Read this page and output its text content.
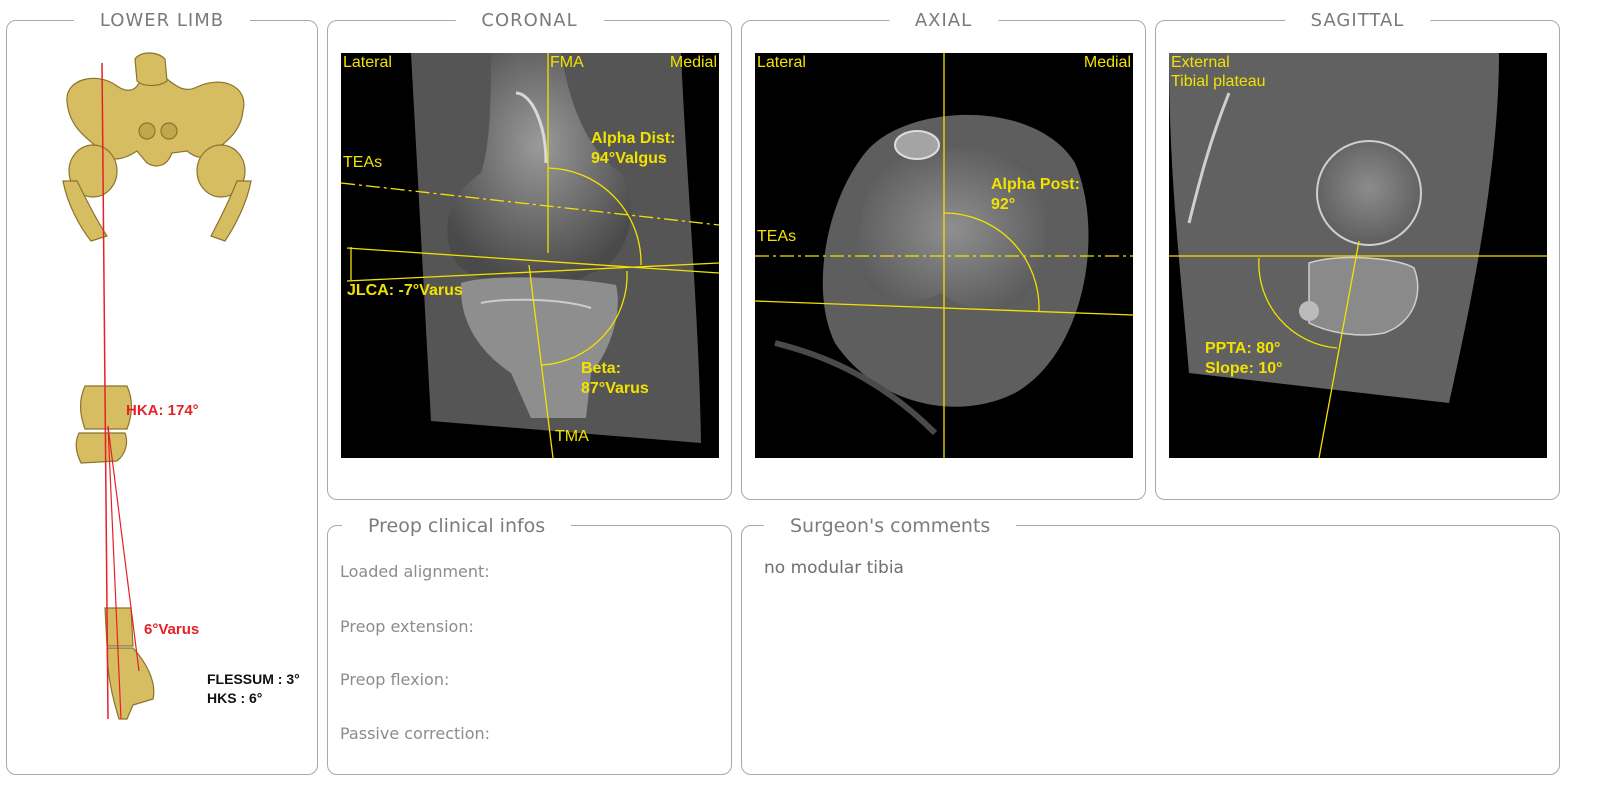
LOWER LIMB
HKA: 174°
6°Varus
FLESSUM : 3°
HKS : 6°
CORONAL
Lateral	FMA	Medial
TEAs
Alpha Dist:
94°Valgus
JLCA: -7°Varus
Beta:
87°Varus
TMA
AXIAL
Lateral	Medial
TEAs
Alpha Post:
92°
SAGITTAL
External
Tibial plateau
PPTA: 80°
Slope: 10°
Preop clinical infos
Loaded alignment:
Preop extension:
Preop flexion:
Passive correction:
Surgeon's comments
no modular tibia
